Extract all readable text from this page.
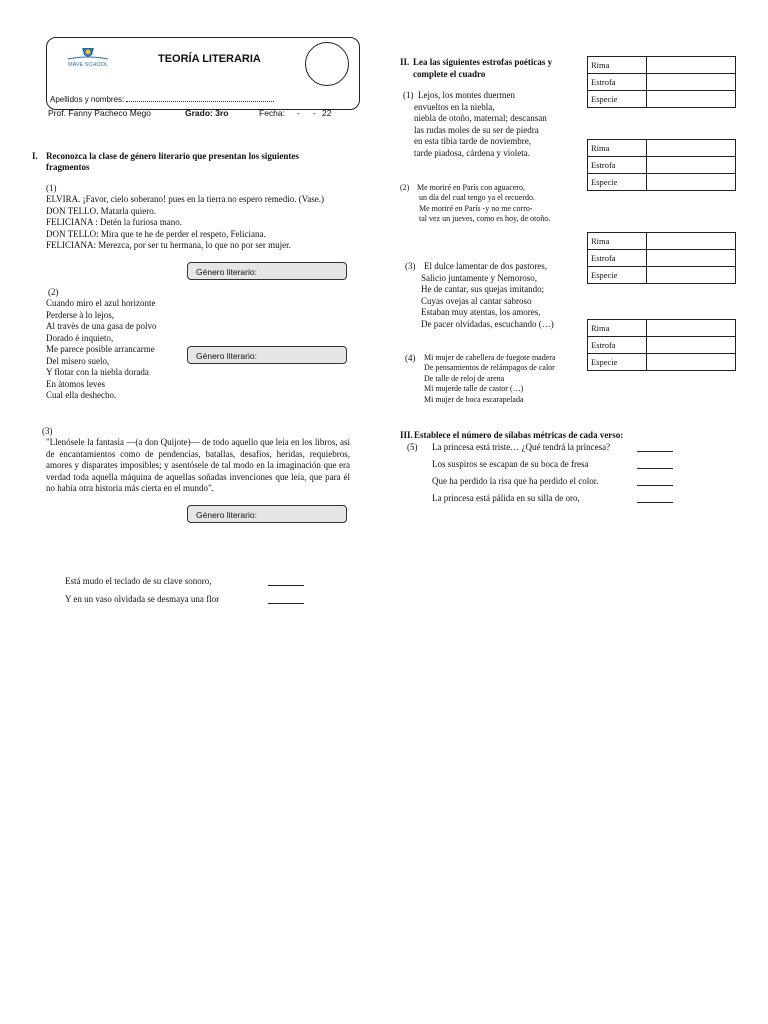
MAVE SCHOOL	TEORÍA LITERARIA
Apellidos y nombres:
Prof. Fanny Pacheco Mego	Grado: 3ro	Fecha: - - 22
I. Reconozca la clase de género literario que presentan los siguientes
fragmentos
(1)
ELVIRA. ¡Favor, cielo soberano! pues en la tierra no espero remedio. (Vase.)
DON TELLO. Matarla quiero.
FELICIANA : Detén la furiosa mano.
DON TELLO: Mira que te he de perder el respeto, Feliciana.
FELICIANA: Merezca, por ser tu hermana, lo que no por ser mujer.
Género literario:
(2)
Cuando miro el azul horizonte
Perderse à lo lejos,
Al travès de una gasa de polvo
Dorado è inquieto,
Me parece posible arrancarme
Del mìsero suelo,
Y flotar con la niebla dorada
En àtomos leves
Cual ella deshecho.
Género literario:
(3)
"Llenósele la fantasía —(a don Quijote)— de todo aquello que leía en los libros, así de encantamientos como de pendencias, batallas, desafíos, heridas, requiebros, amores y disparates imposibles; y asentósele de tal modo en la imaginación que era verdad toda aquella máquina de aquellas soñadas invenciones que leía, que para él no había otra historia más cierta en el mundo".
Género literario:
Está mudo el teclado de su clave sonoro,
Y en un vaso olvidada se desmaya una flor
II. Lea las siguientes estrofas poéticas y
complete el cuadro
(1) Lejos, los montes duermen
envueltos en la niebla,
niebla de otoño, maternal; descansan
las rudas moles de su ser de piedra
en esta tibia tarde de noviembre,
tarde piadosa, cárdena y violeta.
(2) Me moriré en París con aguacero,
un día del cual tengo ya el recuerdo.
Me moriré en París -y no me corro-
tal vez un jueves, como es hoy, de otoño.
(3) El dulce lamentar de dos pastores,
Salicio juntamente y Nemoroso,
He de cantar, sus quejas imitando;
Cuyas ovejas al cantar sabroso
Estaban muy atentas, los amores,
De pacer olvidadas, escuchando (…)
(4) Mi mujer de cabellera de fuegote madera
De pensamientos de relámpagos de calor
De talle de reloj de arena
Mi mujerde talle de castor (…)
Mi mujer de boca escarapelada
Rima	
Estrofa	
Especie	
Rima	
Estrofa	
Especie	
Rima	
Estrofa	
Especie	
Rima	
Estrofa	
Especie	
III. Establece el número de sílabas métricas de cada verso:
(5) La princesa está triste… ¿Qué tendrá la princesa?
Los suspiros se escapan de su boca de fresa
Que ha perdido la risa que ha perdido el color.
La princesa está pálida en su silla de oro,
